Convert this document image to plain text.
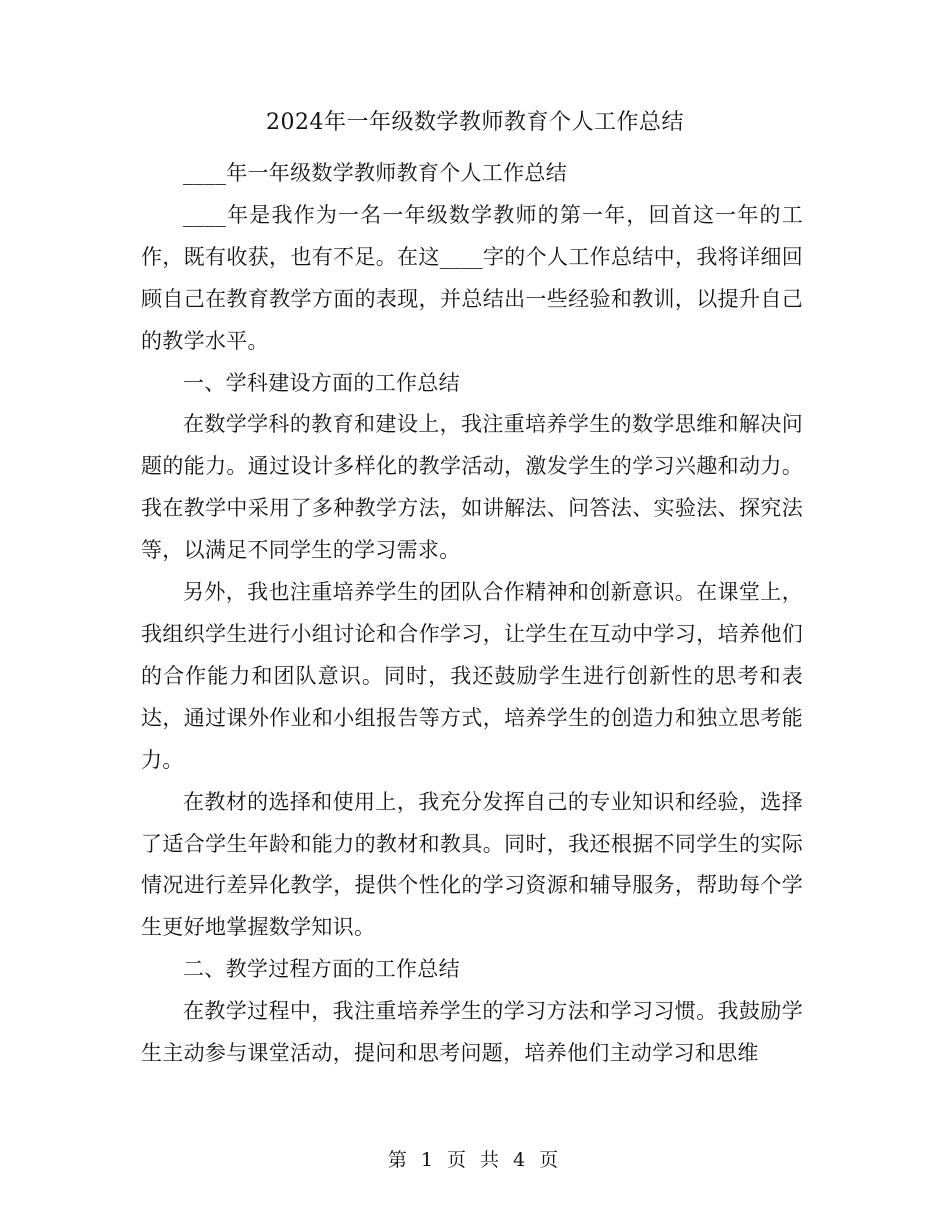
2024年一年级数学教师教育个人工作总结

____年一年级数学教师教育个人工作总结

____年是我作为一名一年级数学教师的第一年，回首这一年的工作，既有收获，也有不足。在这____字的个人工作总结中，我将详细回顾自己在教育教学方面的表现，并总结出一些经验和教训，以提升自己的教学水平。

一、学科建设方面的工作总结

在数学学科的教育和建设上，我注重培养学生的数学思维和解决问题的能力。通过设计多样化的教学活动，激发学生的学习兴趣和动力。我在教学中采用了多种教学方法，如讲解法、问答法、实验法、探究法等，以满足不同学生的学习需求。

另外，我也注重培养学生的团队合作精神和创新意识。在课堂上，我组织学生进行小组讨论和合作学习，让学生在互动中学习，培养他们的合作能力和团队意识。同时，我还鼓励学生进行创新性的思考和表达，通过课外作业和小组报告等方式，培养学生的创造力和独立思考能力。

在教材的选择和使用上，我充分发挥自己的专业知识和经验，选择了适合学生年龄和能力的教材和教具。同时，我还根据不同学生的实际情况进行差异化教学，提供个性化的学习资源和辅导服务，帮助每个学生更好地掌握数学知识。

二、教学过程方面的工作总结

在教学过程中，我注重培养学生的学习方法和学习习惯。我鼓励学生主动参与课堂活动，提问和思考问题，培养他们主动学习和思维

第 1 页 共 4 页
